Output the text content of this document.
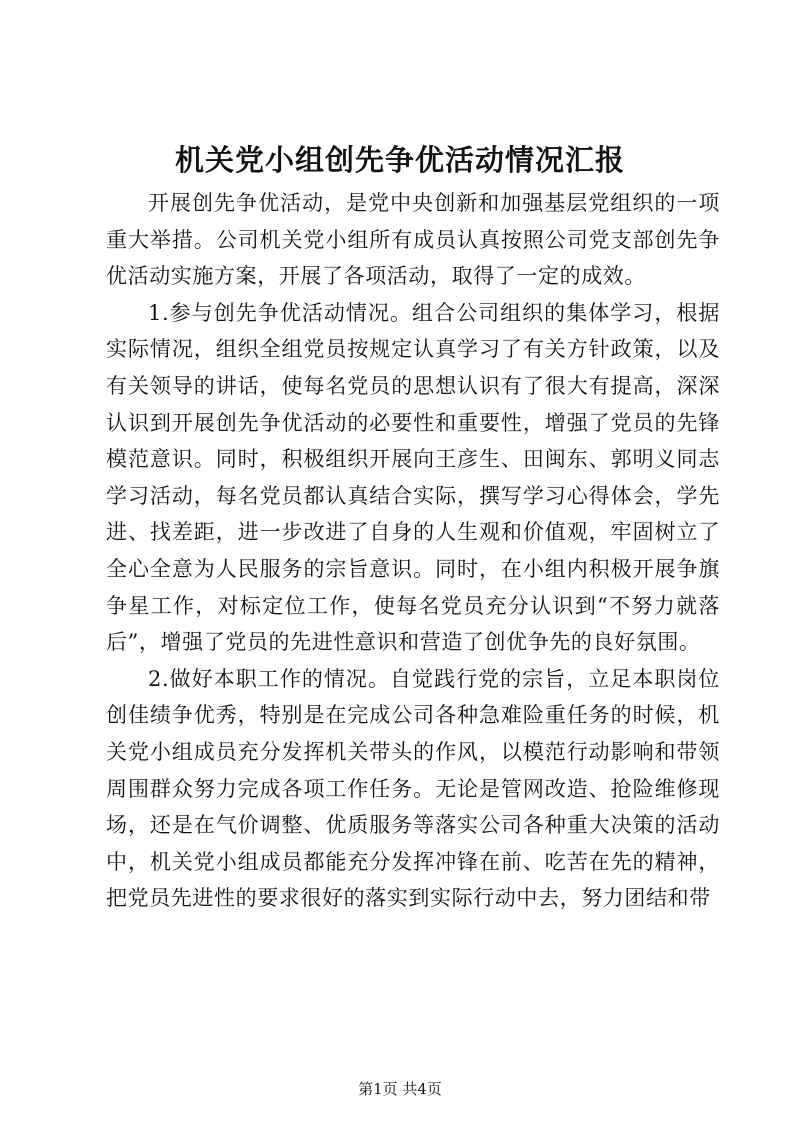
机关党小组创先争优活动情况汇报

开展创先争优活动，是党中央创新和加强基层党组织的一项重大举措。公司机关党小组所有成员认真按照公司党支部创先争优活动实施方案，开展了各项活动，取得了一定的成效。

1.参与创先争优活动情况。组合公司组织的集体学习，根据实际情况，组织全组党员按规定认真学习了有关方针政策，以及有关领导的讲话，使每名党员的思想认识有了很大有提高，深深认识到开展创先争优活动的必要性和重要性，增强了党员的先锋模范意识。同时，积极组织开展向王彦生、田闽东、郭明义同志学习活动，每名党员都认真结合实际，撰写学习心得体会，学先进、找差距，进一步改进了自身的人生观和价值观，牢固树立了全心全意为人民服务的宗旨意识。同时，在小组内积极开展争旗争星工作，对标定位工作，使每名党员充分认识到“不努力就落后”，增强了党员的先进性意识和营造了创优争先的良好氛围。

2.做好本职工作的情况。自觉践行党的宗旨，立足本职岗位创佳绩争优秀，特别是在完成公司各种急难险重任务的时候，机关党小组成员充分发挥机关带头的作风，以模范行动影响和带领周围群众努力完成各项工作任务。无论是管网改造、抢险维修现场，还是在气价调整、优质服务等落实公司各种重大决策的活动中，机关党小组成员都能充分发挥冲锋在前、吃苦在先的精神，把党员先进性的要求很好的落实到实际行动中去，努力团结和带

第1页 共4页
